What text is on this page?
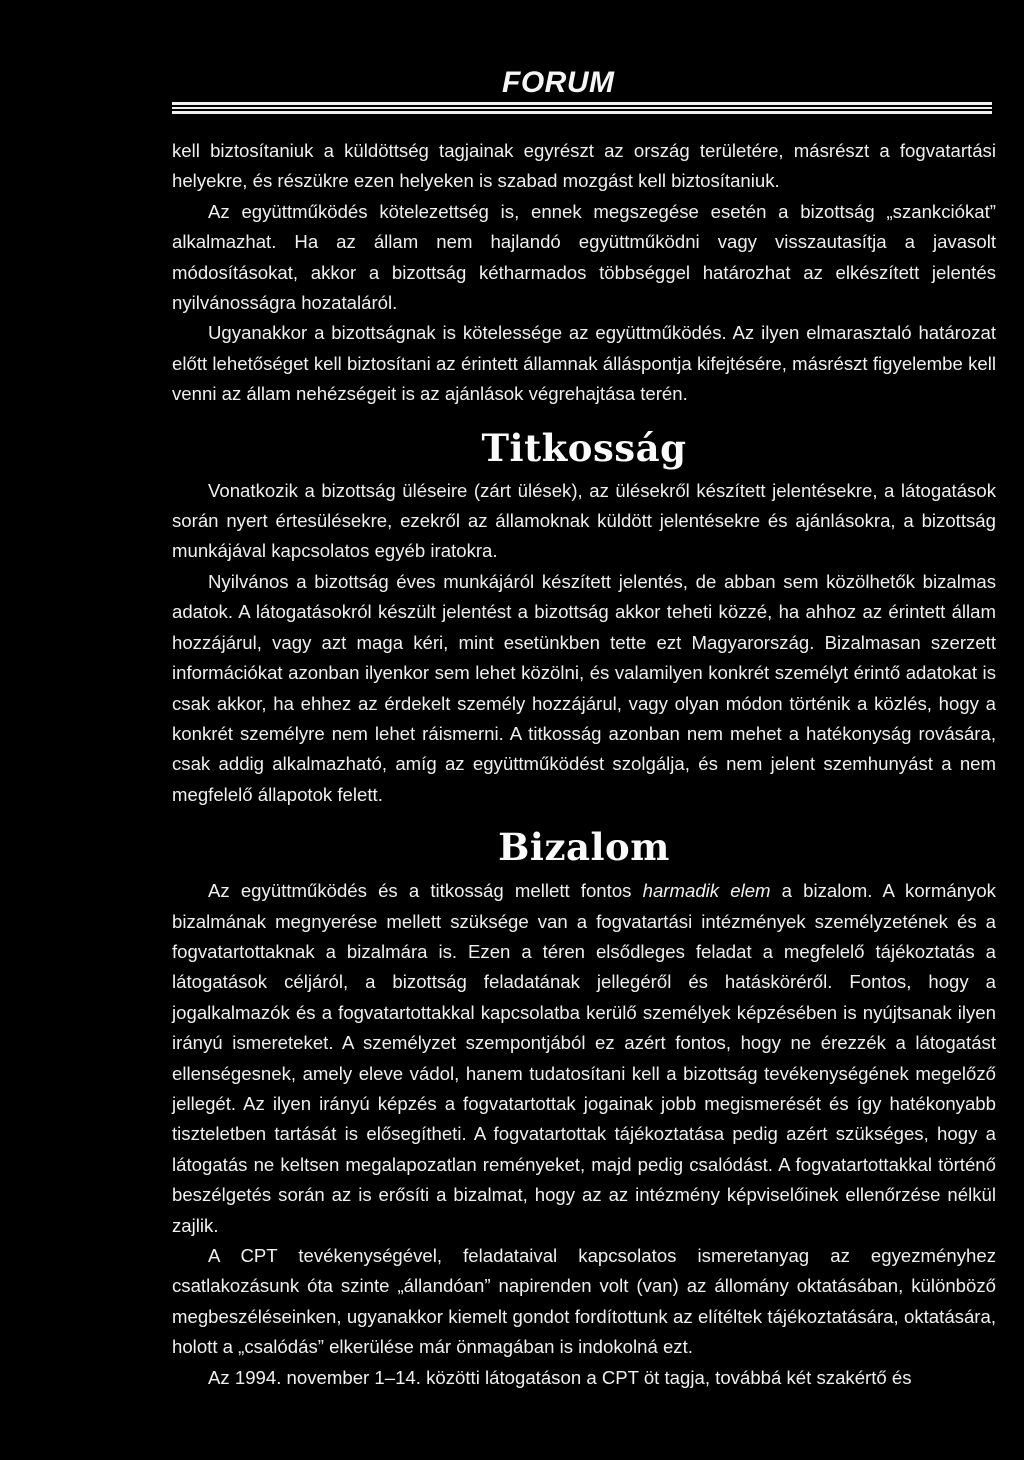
FORUM

kell biztosítaniuk a küldöttség tagjainak egyrészt az ország területére, másrészt a fogvatartási helyekre, és részükre ezen helyeken is szabad mozgást kell biztosítaniuk.

Az együttműködés kötelezettség is, ennek megszegése esetén a bizottság „szankciókat” alkalmazhat. Ha az állam nem hajlandó együttműködni vagy visszautasítja a javasolt módosításokat, akkor a bizottság kétharmados többséggel határozhat az elkészített jelentés nyilvánosságra hozataláról.

Ugyanakkor a bizottságnak is kötelessége az együttműködés. Az ilyen elmarasztaló határozat előtt lehetőséget kell biztosítani az érintett államnak álláspontja kifejtésére, másrészt figyelembe kell venni az állam nehézségeit is az ajánlások végrehajtása terén.

Titkosság

Vonatkozik a bizottság üléseire (zárt ülések), az ülésekről készített jelentésekre, a látogatások során nyert értesülésekre, ezekről az államoknak küldött jelentésekre és ajánlásokra, a bizottság munkájával kapcsolatos egyéb iratokra.

Nyilvános a bizottság éves munkájáról készített jelentés, de abban sem közölhetők bizalmas adatok. A látogatásokról készült jelentést a bizottság akkor teheti közzé, ha ahhoz az érintett állam hozzájárul, vagy azt maga kéri, mint esetünkben tette ezt Magyarország. Bizalmasan szerzett információkat azonban ilyenkor sem lehet közölni, és valamilyen konkrét személyt érintő adatokat is csak akkor, ha ehhez az érdekelt személy hozzájárul, vagy olyan módon történik a közlés, hogy a konkrét személyre nem lehet ráismerni. A titkosság azonban nem mehet a hatékonyság rovására, csak addig alkalmazható, amíg az együttműködést szolgálja, és nem jelent szemhunyást a nem megfelelő állapotok felett.

Bizalom

Az együttműködés és a titkosság mellett fontos harmadik elem a bizalom. A kormányok bizalmának megnyerése mellett szüksége van a fogvatartási intézmények személyzetének és a fogvatartottaknak a bizalmára is. Ezen a téren elsődleges feladat a megfelelő tájékoztatás a látogatások céljáról, a bizottság feladatának jellegéről és hatásköréről. Fontos, hogy a jogalkalmazók és a fogvatartottakkal kapcsolatba kerülő személyek képzésében is nyújtsanak ilyen irányú ismereteket. A személyzet szempontjából ez azért fontos, hogy ne érezzék a látogatást ellenségesnek, amely eleve vádol, hanem tudatosítani kell a bizottság tevékenységének megelőző jellegét. Az ilyen irányú képzés a fogvatartottak jogainak jobb megismerését és így hatékonyabb tiszteletben tartását is elősegítheti. A fogvatartottak tájékoztatása pedig azért szükséges, hogy a látogatás ne keltsen megalapozatlan reményeket, majd pedig csalódást. A fogvatartottakkal történő beszélgetés során az is erősíti a bizalmat, hogy az az intézmény képviselőinek ellenőrzése nélkül zajlik.

A CPT tevékenységével, feladataival kapcsolatos ismeretanyag az egyezményhez csatlakozásunk óta szinte „állandóan” napirenden volt (van) az állomány oktatásában, különböző megbeszéléseinken, ugyanakkor kiemelt gondot fordítottunk az elítéltek tájékoztatására, oktatására, holott a „csalódás” elkerülése már önmagában is indokolná ezt.

Az 1994. november 1–14. közötti látogatáson a CPT öt tagja, továbbá két szakértő és
